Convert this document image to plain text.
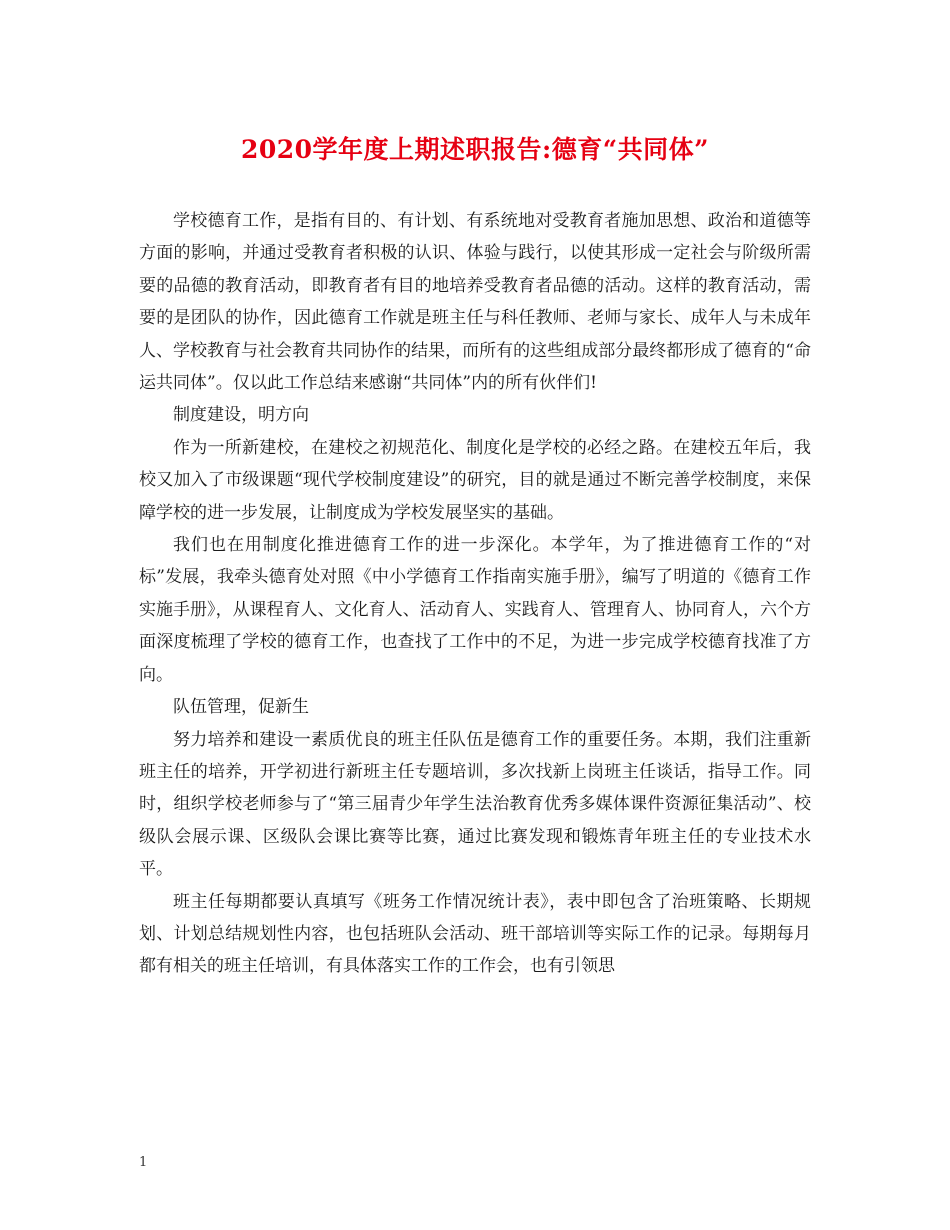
2020学年度上期述职报告:德育“共同体”

学校德育工作，是指有目的、有计划、有系统地对受教育者施加思想、政治和道德等方面的影响，并通过受教育者积极的认识、体验与践行，以使其形成一定社会与阶级所需要的品德的教育活动，即教育者有目的地培养受教育者品德的活动。这样的教育活动，需要的是团队的协作，因此德育工作就是班主任与科任教师、老师与家长、成年人与未成年人、学校教育与社会教育共同协作的结果，而所有的这些组成部分最终都形成了德育的“命运共同体”。仅以此工作总结来感谢“共同体”内的所有伙伴们!

制度建设，明方向

作为一所新建校，在建校之初规范化、制度化是学校的必经之路。在建校五年后，我校又加入了市级课题“现代学校制度建设”的研究，目的就是通过不断完善学校制度，来保障学校的进一步发展，让制度成为学校发展坚实的基础。

我们也在用制度化推进德育工作的进一步深化。本学年，为了推进德育工作的“对标”发展，我牵头德育处对照《中小学德育工作指南实施手册》，编写了明道的《德育工作实施手册》，从课程育人、文化育人、活动育人、实践育人、管理育人、协同育人，六个方面深度梳理了学校的德育工作，也查找了工作中的不足，为进一步完成学校德育找准了方向。

队伍管理，促新生

努力培养和建设一素质优良的班主任队伍是德育工作的重要任务。本期，我们注重新班主任的培养，开学初进行新班主任专题培训，多次找新上岗班主任谈话，指导工作。同时，组织学校老师参与了“第三届青少年学生法治教育优秀多媒体课件资源征集活动”、校级队会展示课、区级队会课比赛等比赛，通过比赛发现和锻炼青年班主任的专业技术水平。

班主任每期都要认真填写《班务工作情况统计表》，表中即包含了治班策略、长期规划、计划总结规划性内容，也包括班队会活动、班干部培训等实际工作的记录。每期每月都有相关的班主任培训，有具体落实工作的工作会，也有引领思

1
